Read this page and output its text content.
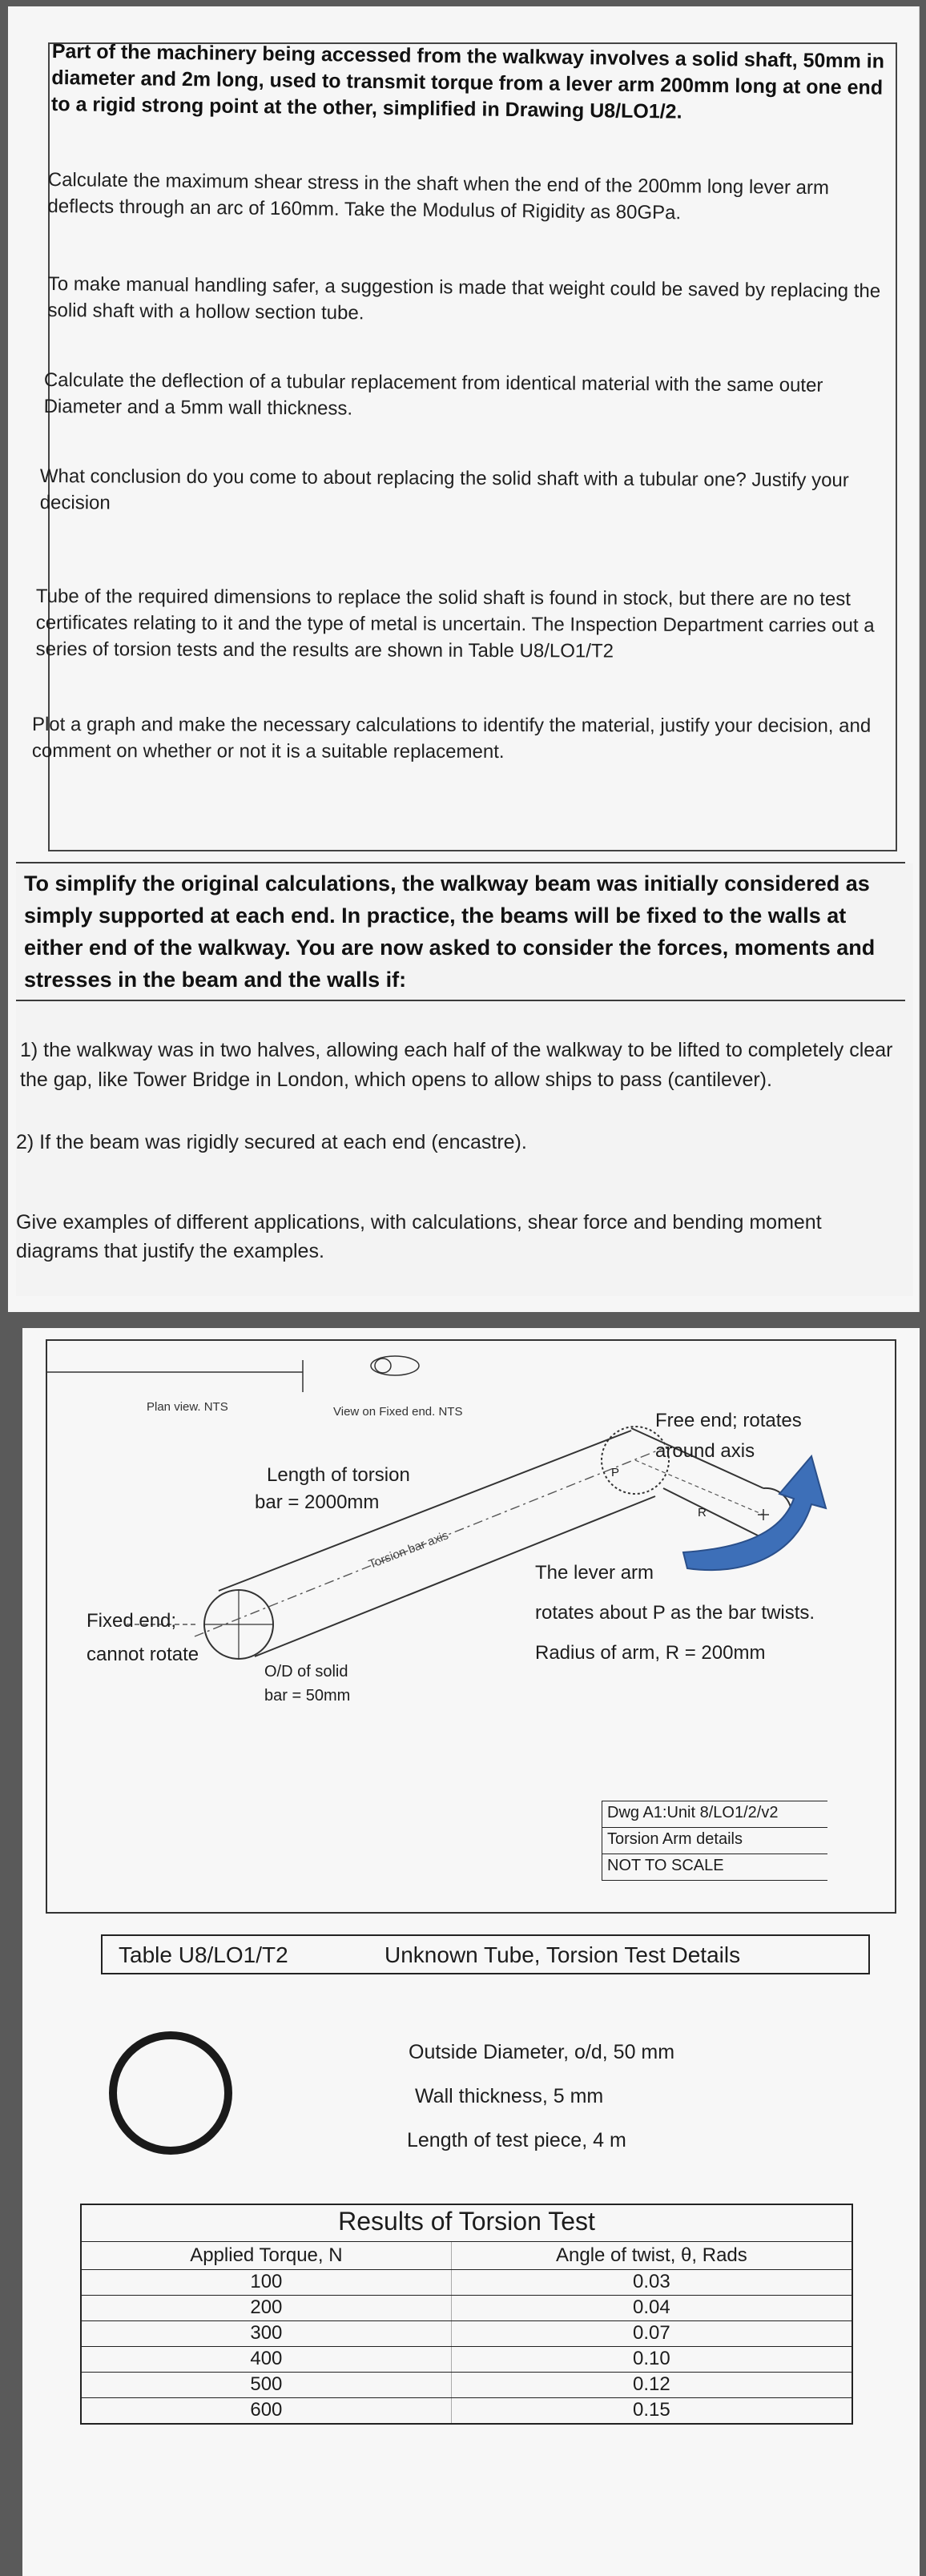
Part of the machinery being accessed from the walkway involves a solid shaft, 50mm in diameter and 2m long, used to transmit torque from a lever arm 200mm long at one end to a rigid strong point at the other, simplified in Drawing U8/LO1/2.

Calculate the maximum shear stress in the shaft when the end of the 200mm long lever arm deflects through an arc of 160mm. Take the Modulus of Rigidity as 80GPa.

To make manual handling safer, a suggestion is made that weight could be saved by replacing the solid shaft with a hollow section tube.

Calculate the deflection of a tubular replacement from identical material with the same outer Diameter and a 5mm wall thickness.

What conclusion do you come to about replacing the solid shaft with a tubular one? Justify your decision

Tube of the required dimensions to replace the solid shaft is found in stock, but there are no test certificates relating to it and the type of metal is uncertain. The Inspection Department carries out a series of torsion tests and the results are shown in Table U8/LO1/T2

Plot a graph and make the necessary calculations to identify the material, justify your decision, and comment on whether or not it is a suitable replacement.

To simplify the original calculations, the walkway beam was initially considered as simply supported at each end. In practice, the beams will be fixed to the walls at either end of the walkway. You are now asked to consider the forces, moments and stresses in the beam and the walls if:

1) the walkway was in two halves, allowing each half of the walkway to be lifted to completely clear the gap, like Tower Bridge in London, which opens to allow ships to pass (cantilever).

2) If the beam was rigidly secured at each end (encastre).

Give examples of different applications, with calculations, shear force and bending moment diagrams that justify the examples.

Plan view. NTS	View on Fixed end. NTS	Free end; rotates
around axis
Length of torsion
bar = 2000mm
Torsion bar axis
P
R
The lever arm
rotates about P as the bar twists.
Radius of arm, R = 200mm
Fixed end;
cannot rotate
O/D of solid
bar = 50mm
Dwg A1:Unit 8/LO1/2/v2
Torsion Arm details
NOT TO SCALE
Table U8/LO1/T2	Unknown Tube, Torsion Test Details
Outside Diameter, o/d, 50 mm
Wall thickness, 5 mm
Length of test piece, 4 m
Results of Torsion Test
Applied Torque, N	Angle of twist, θ, Rads
100	0.03
200	0.04
300	0.07
400	0.10
500	0.12
600	0.15
